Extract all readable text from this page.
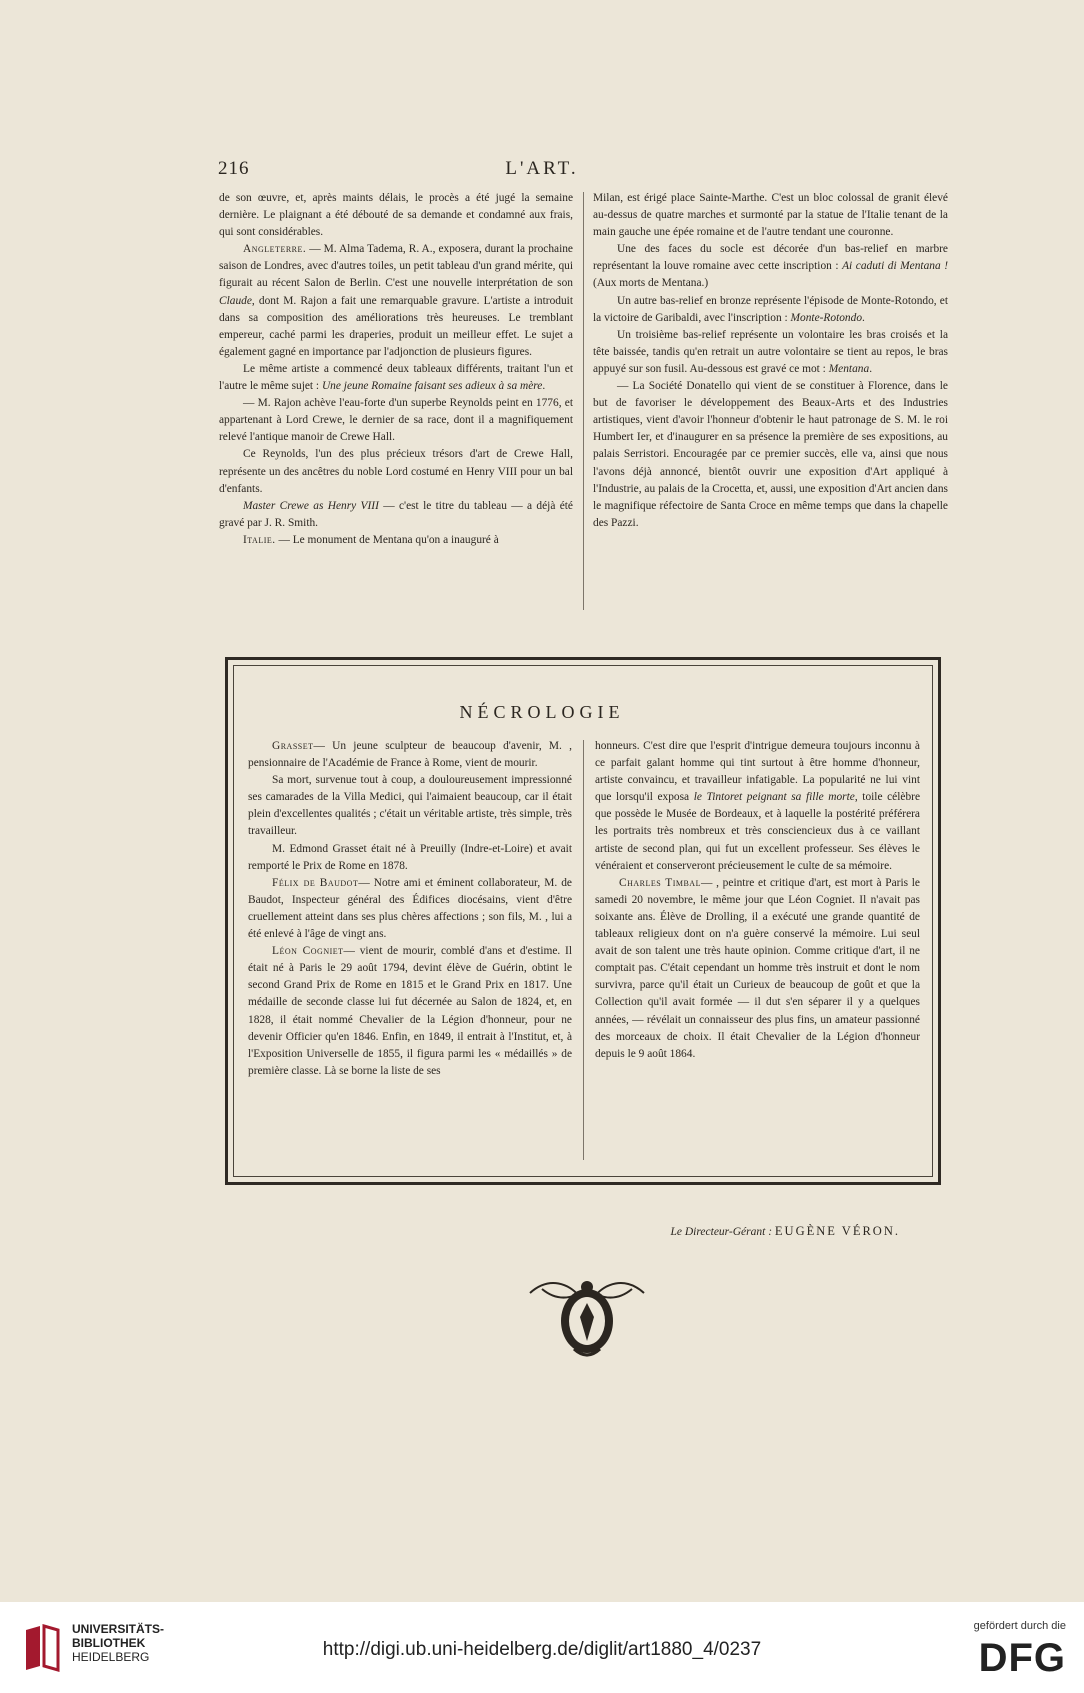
216	L'ART.

de son œuvre, et, après maints délais, le procès a été jugé la semaine dernière. Le plaignant a été débouté de sa demande et condamné aux frais, qui sont considérables.

Angleterre. — M. Alma Tadema, R. A., exposera, durant la prochaine saison de Londres, avec d'autres toiles, un petit tableau d'un grand mérite, qui figurait au récent Salon de Berlin. C'est une nouvelle interprétation de son Claude, dont M. Rajon a fait une remarquable gravure. L'artiste a introduit dans sa composition des améliorations très heureuses. Le tremblant empereur, caché parmi les draperies, produit un meilleur effet. Le sujet a également gagné en importance par l'adjonction de plusieurs figures.

Le même artiste a commencé deux tableaux différents, traitant l'un et l'autre le même sujet : Une jeune Romaine faisant ses adieux à sa mère.

— M. Rajon achève l'eau-forte d'un superbe Reynolds peint en 1776, et appartenant à Lord Crewe, le dernier de sa race, dont il a magnifiquement relevé l'antique manoir de Crewe Hall.

Ce Reynolds, l'un des plus précieux trésors d'art de Crewe Hall, représente un des ancêtres du noble Lord costumé en Henry VIII pour un bal d'enfants.

Master Crewe as Henry VIII — c'est le titre du tableau — a déjà été gravé par J. R. Smith.

Italie. — Le monument de Mentana qu'on a inauguré à

Milan, est érigé place Sainte-Marthe. C'est un bloc colossal de granit élevé au-dessus de quatre marches et surmonté par la statue de l'Italie tenant de la main gauche une épée romaine et de l'autre tendant une couronne.

Une des faces du socle est décorée d'un bas-relief en marbre représentant la louve romaine avec cette inscription : Ai caduti di Mentana ! (Aux morts de Mentana.)

Un autre bas-relief en bronze représente l'épisode de Monte-Rotondo, et la victoire de Garibaldi, avec l'inscription : Monte-Rotondo.

Un troisième bas-relief représente un volontaire les bras croisés et la tête baissée, tandis qu'en retrait un autre volontaire se tient au repos, le bras appuyé sur son fusil. Au-dessous est gravé ce mot : Mentana.

— La Société Donatello qui vient de se constituer à Florence, dans le but de favoriser le développement des Beaux-Arts et des Industries artistiques, vient d'avoir l'honneur d'obtenir le haut patronage de S. M. le roi Humbert Ier, et d'inaugurer en sa présence la première de ses expositions, au palais Serristori. Encouragée par ce premier succès, elle va, ainsi que nous l'avons déjà annoncé, bientôt ouvrir une exposition d'Art appliqué à l'Industrie, au palais de la Crocetta, et, aussi, une exposition d'Art ancien dans le magnifique réfectoire de Santa Croce en même temps que dans la chapelle des Pazzi.

NÉCROLOGIE

Grasset— Un jeune sculpteur de beaucoup d'avenir, M. , pensionnaire de l'Académie de France à Rome, vient de mourir.

Sa mort, survenue tout à coup, a douloureusement impressionné ses camarades de la Villa Medici, qui l'aimaient beaucoup, car il était plein d'excellentes qualités ; c'était un véritable artiste, très simple, très travailleur.

M. Edmond Grasset était né à Preuilly (Indre-et-Loire) et avait remporté le Prix de Rome en 1878.

Félix de Baudot— Notre ami et éminent collaborateur, M. de Baudot, Inspecteur général des Édifices diocésains, vient d'être cruellement atteint dans ses plus chères affections ; son fils, M. , lui a été enlevé à l'âge de vingt ans.

Léon Cogniet— vient de mourir, comblé d'ans et d'estime. Il était né à Paris le 29 août 1794, devint élève de Guérin, obtint le second Grand Prix de Rome en 1815 et le Grand Prix en 1817. Une médaille de seconde classe lui fut décernée au Salon de 1824, et, en 1828, il était nommé Chevalier de la Légion d'honneur, pour ne devenir Officier qu'en 1846. Enfin, en 1849, il entrait à l'Institut, et, à l'Exposition Universelle de 1855, il figura parmi les « médaillés » de première classe. Là se borne la liste de ses

honneurs. C'est dire que l'esprit d'intrigue demeura toujours inconnu à ce parfait galant homme qui tint surtout à être homme d'honneur, artiste convaincu, et travailleur infatigable. La popularité ne lui vint que lorsqu'il exposa le Tintoret peignant sa fille morte, toile célèbre que possède le Musée de Bordeaux, et à laquelle la postérité préférera les portraits très nombreux et très consciencieux dus à ce vaillant artiste de second plan, qui fut un excellent professeur. Ses élèves le vénéraient et conserveront précieusement le culte de sa mémoire.

Charles Timbal— , peintre et critique d'art, est mort à Paris le samedi 20 novembre, le même jour que Léon Cogniet. Il n'avait pas soixante ans. Élève de Drolling, il a exécuté une grande quantité de tableaux religieux dont on n'a guère conservé la mémoire. Lui seul avait de son talent une très haute opinion. Comme critique d'art, il ne comptait pas. C'était cependant un homme très instruit et dont le nom survivra, parce qu'il était un Curieux de beaucoup de goût et que la Collection qu'il avait formée — il dut s'en séparer il y a quelques années, — révélait un connaisseur des plus fins, un amateur passionné des morceaux de choix. Il était Chevalier de la Légion d'honneur depuis le 9 août 1864.

Le Directeur-Gérant : EUGÈNE VÉRON.
UNIVERSITÄTS-
BIBLIOTHEK
HEIDELBERG	http://digi.ub.uni-heidelberg.de/diglit/art1880_4/0237
gefördert durch die
DFG
